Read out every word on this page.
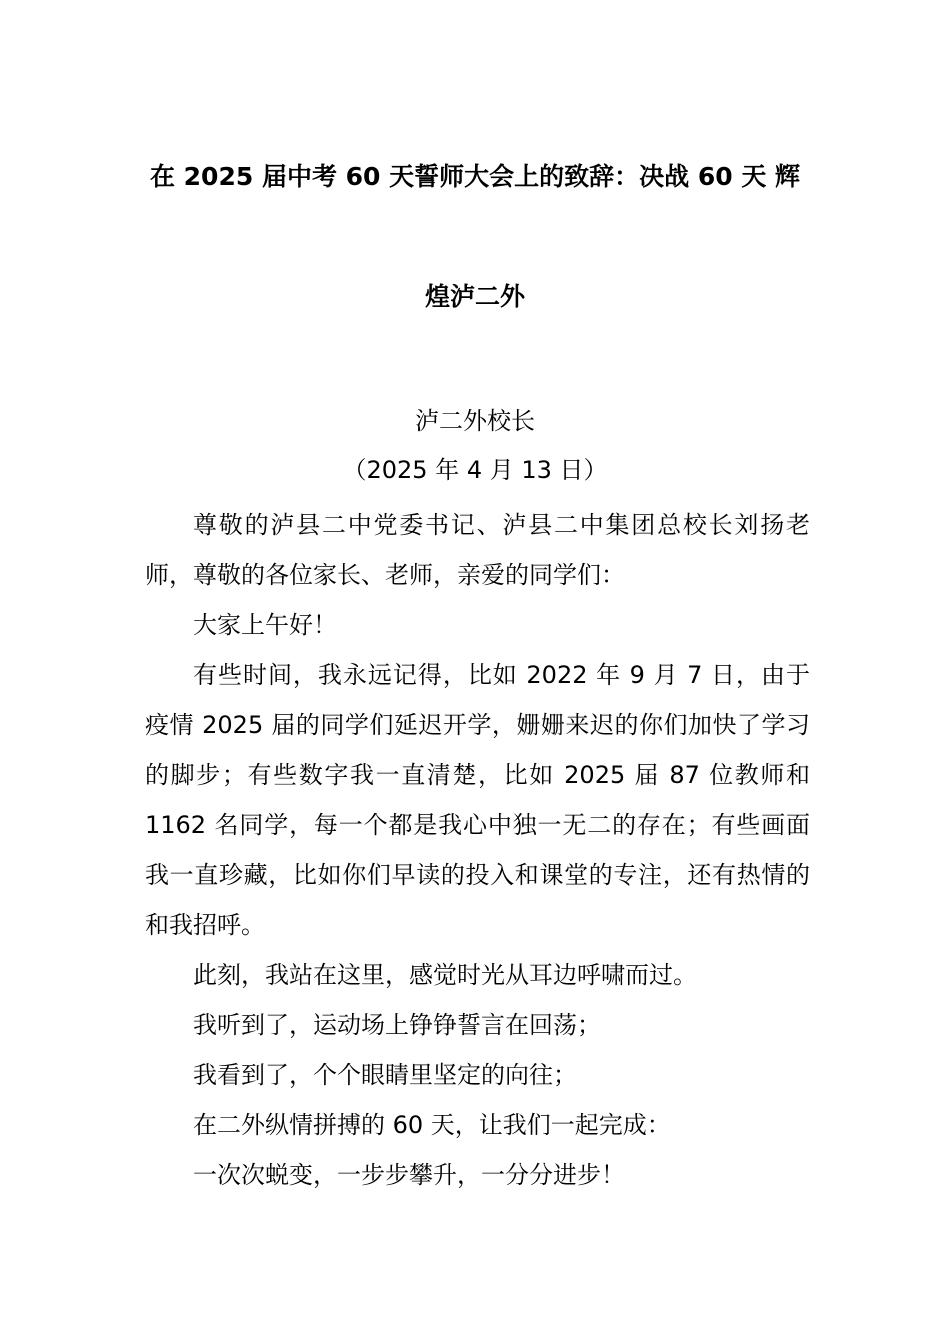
在 2025 届中考 60 天誓师大会上的致辞：决战 60 天 辉
煌泸二外
泸二外校长
（2025 年 4 月 13 日）

尊敬的泸县二中党委书记、泸县二中集团总校长刘扬老师，尊敬的各位家长、老师，亲爱的同学们：

大家上午好！

有些时间，我永远记得，比如 2022 年 9 月 7 日，由于疫情 2025 届的同学们延迟开学，姗姗来迟的你们加快了学习的脚步；有些数字我一直清楚，比如 2025 届 87 位教师和 1162 名同学，每一个都是我心中独一无二的存在；有些画面我一直珍藏，比如你们早读的投入和课堂的专注，还有热情的和我招呼。

此刻，我站在这里，感觉时光从耳边呼啸而过。

我听到了，运动场上铮铮誓言在回荡；

我看到了，个个眼睛里坚定的向往；

在二外纵情拼搏的 60 天，让我们一起完成：

一次次蜕变，一步步攀升，一分分进步！
